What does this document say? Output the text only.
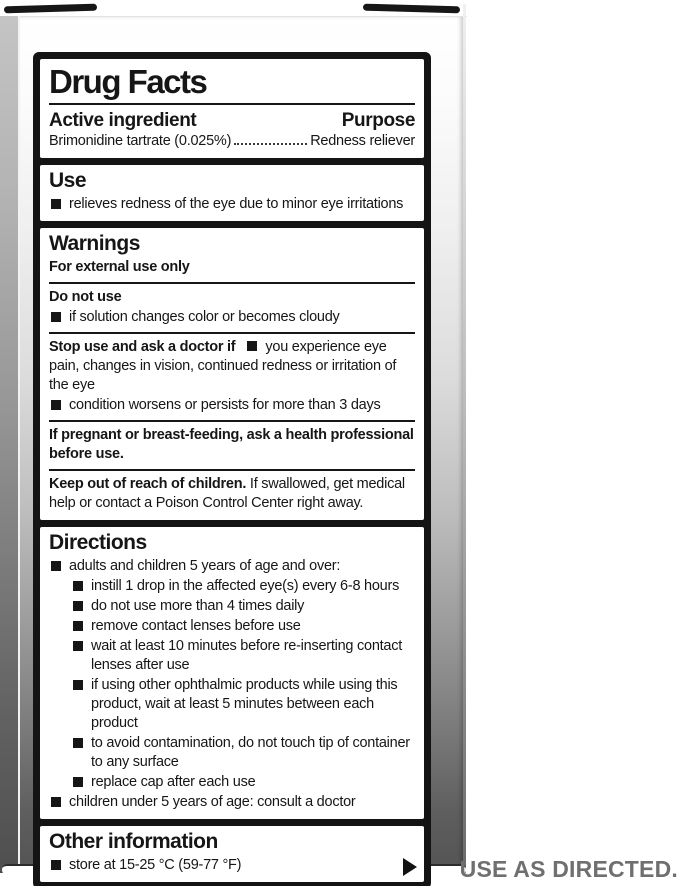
Drug Facts
Active ingredient	Purpose
Brimonidine tartrate (0.025%)	Redness reliever
Use
relieves redness of the eye due to minor eye irritations
Warnings

For external use only

Do not use

if solution changes color or becomes cloudy

Stop use and ask a doctor if you experience eye pain, changes in vision, continued redness or irritation of the eye

condition worsens or persists for more than 3 days

If pregnant or breast-feeding, ask a health professional before use.

Keep out of reach of children. If swallowed, get medical help or contact a Poison Control Center right away.

Directions
adults and children 5 years of age and over:
instill 1 drop in the affected eye(s) every 6-8 hours
do not use more than 4 times daily
remove contact lenses before use
wait at least 10 minutes before re-inserting contact lenses after use
if using other ophthalmic products while using this product, wait at least 5 minutes between each product
to avoid contamination, do not touch tip of container to any surface
replace cap after each use
children under 5 years of age: consult a doctor
Other information
store at 15-25 °C (59-77 °F)	USE AS DIRECTED.
